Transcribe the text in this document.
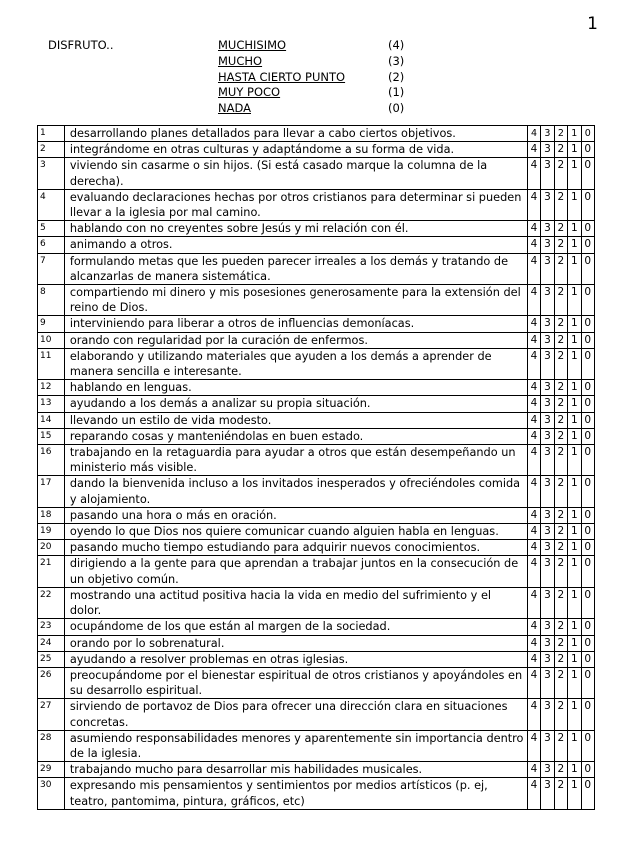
1
DISFRUTO..	MUCHISIMO	(4)
MUCHO	(3)
HASTA CIERTO PUNTO	(2)
MUY POCO	(1)
NADA	(0)
1	desarrollando planes detallados para llevar a cabo ciertos objetivos.	4	3	2	1	0
2	integrándome en otras culturas y adaptándome a su forma de vida.	4	3	2	1	0
3	viviendo sin casarme o sin hijos. (Si está casado marque la columna de la derecha).	4	3	2	1	0
4	evaluando declaraciones hechas por otros cristianos para determinar si pueden llevar a la iglesia por mal camino.	4	3	2	1	0
5	hablando con no creyentes sobre Jesús y mi relación con él.	4	3	2	1	0
6	animando a otros.	4	3	2	1	0
7	formulando metas que les pueden parecer irreales a los demás y tratando de alcanzarlas de manera sistemática.	4	3	2	1	0
8	compartiendo mi dinero y mis posesiones generosamente para la extensión del reino de Dios.	4	3	2	1	0
9	interviniendo para liberar a otros de influencias demoníacas.	4	3	2	1	0
10	orando con regularidad por la curación de enfermos.	4	3	2	1	0
11	elaborando y utilizando materiales que ayuden a los demás a aprender de manera sencilla e interesante.	4	3	2	1	0
12	hablando en lenguas.	4	3	2	1	0
13	ayudando a los demás a analizar su propia situación.	4	3	2	1	0
14	llevando un estilo de vida modesto.	4	3	2	1	0
15	reparando cosas y manteniéndolas en buen estado.	4	3	2	1	0
16	trabajando en la retaguardia para ayudar a otros que están desempeñando un ministerio más visible.	4	3	2	1	0
17	dando la bienvenida incluso a los invitados inesperados y ofreciéndoles comida y alojamiento.	4	3	2	1	0
18	pasando una hora o más en oración.	4	3	2	1	0
19	oyendo lo que Dios nos quiere comunicar cuando alguien habla en lenguas.	4	3	2	1	0
20	pasando mucho tiempo estudiando para adquirir nuevos conocimientos.	4	3	2	1	0
21	dirigiendo a la gente para que aprendan a trabajar juntos en la consecución de un objetivo común.	4	3	2	1	0
22	mostrando una actitud positiva hacia la vida en medio del sufrimiento y el dolor.	4	3	2	1	0
23	ocupándome de los que están al margen de la sociedad.	4	3	2	1	0
24	orando por lo sobrenatural.	4	3	2	1	0
25	ayudando a resolver problemas en otras iglesias.	4	3	2	1	0
26	preocupándome por el bienestar espiritual de otros cristianos y apoyándoles en su desarrollo espiritual.	4	3	2	1	0
27	sirviendo de portavoz de Dios para ofrecer una dirección clara en situaciones concretas.	4	3	2	1	0
28	asumiendo responsabilidades menores y aparentemente sin importancia dentro de la iglesia.	4	3	2	1	0
29	trabajando mucho para desarrollar mis habilidades musicales.	4	3	2	1	0
30	expresando mis pensamientos y sentimientos por medios artísticos (p. ej, teatro, pantomima, pintura, gráficos, etc)	4	3	2	1	0
